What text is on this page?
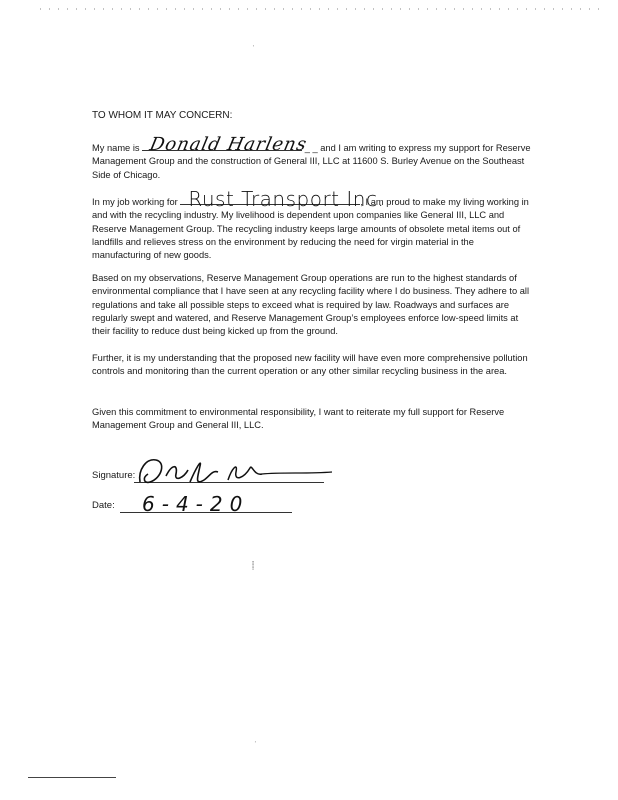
ʿ
TO WHOM IT MAY CONCERN:
My name is Donald Harlens
_ _ and I am writing to express my support for Reserve Management Group and the construction of General III, LLC at 11600 S. Burley Avenue on the Southeast Side of Chicago.
In my job working for Rust Transport Inc.
, I am proud to make my living working in and with the recycling industry. My livelihood is dependent upon companies like General III, LLC and Reserve Management Group. The recycling industry keeps large amounts of obsolete metal items out of landfills and relieves stress on the environment by reducing the need for virgin material in the manufacturing of new goods.
Based on my observations, Reserve Management Group operations are run to the highest standards of environmental compliance that I have seen at any recycling facility where I do business. They adhere to all regulations and take all possible steps to exceed what is required by law. Roadways and surfaces are regularly swept and watered, and Reserve Management Group’s employees enforce low-speed limits at their facility to reduce dust being kicked up from the ground.
Further, it is my understanding that the proposed new facility will have even more comprehensive pollution controls and monitoring than the current operation or any other similar recycling business in the area.
Given this commitment to environmental responsibility, I want to reiterate my full support for Reserve Management Group and General III, LLC.
Signature:
Date: 6-4-20
⸽
ʾ
